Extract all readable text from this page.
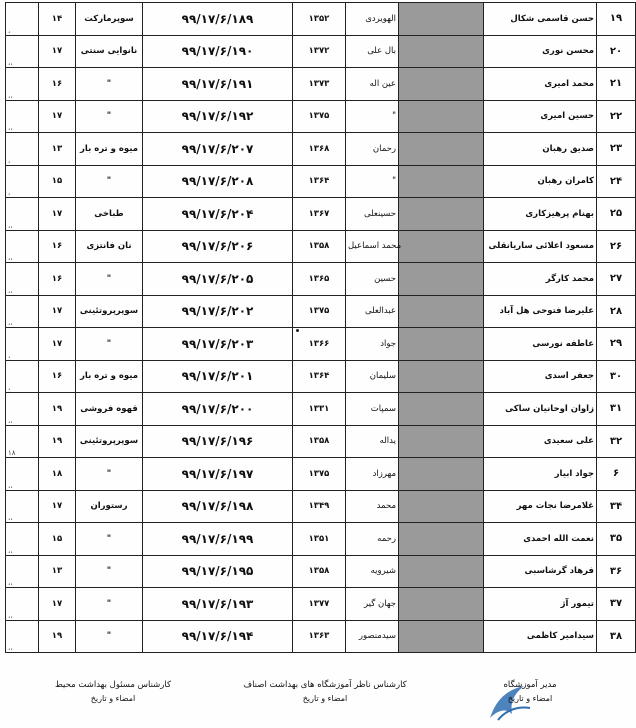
،	۱۴	سوپرمارکت	۹۹/۱۷/۶/۱۸۹	۱۳۵۲	الهویردی		حسن قاسمی شکال	۱۹
،،	۱۷	نانوایی سنتی	۹۹/۱۷/۶/۱۹۰	۱۳۷۲	بال علی		محسن نوری	۲۰
،،	۱۶	"	۹۹/۱۷/۶/۱۹۱	۱۳۷۳	عین اله		محمد امیری	۲۱
،،	۱۷	"	۹۹/۱۷/۶/۱۹۲	۱۳۷۵	"		حسین امیری	۲۲
،	۱۳	میوه و تره بار	۹۹/۱۷/۶/۲۰۷	۱۳۶۸	رحمان		صدیق رهبان	۲۳
،	۱۵	"	۹۹/۱۷/۶/۲۰۸	۱۳۶۴	"		کامران رهبان	۲۴
،،	۱۷	طباخی	۹۹/۱۷/۶/۲۰۴	۱۳۶۷	حسینعلی		بهنام پرهیزکاری	۲۵
،،	۱۶	نان فانتزی	۹۹/۱۷/۶/۲۰۶	۱۳۵۸	محمد اسماعیل		مسعود اعلائی ساریانقلی	۲۶
،،	۱۶	"	۹۹/۱۷/۶/۲۰۵	۱۳۶۵	حسین		محمد کارگر	۲۷
،،	۱۷	سوپرپروتئینی	۹۹/۱۷/۶/۲۰۲	۱۳۷۵	عبدالعلی		علیرضا فتوحی هل آباد	۲۸
،	۱۷	"	۹۹/۱۷/۶/۲۰۳	۱۳۶۶	جواد		عاطفه نورسی	۲۹
،	۱۶	میوه و تره بار	۹۹/۱۷/۶/۲۰۱	۱۳۶۴	سلیمان		جعفر اسدی	۳۰
،،	۱۹	قهوه فروشی	۹۹/۱۷/۶/۲۰۰	۱۳۳۱	سمپات		زاوان اوحانیان ساکی	۳۱
۱۸	۱۹	سوپرپروتئینی	۹۹/۱۷/۶/۱۹۶	۱۳۵۸	یداله		علی سعیدی	۳۲
،،	۱۸	"	۹۹/۱۷/۶/۱۹۷	۱۳۷۵	مهرزاد		جواد ابیار	۶
،،	۱۷	رستوران	۹۹/۱۷/۶/۱۹۸	۱۳۴۹	محمد		غلامرضا نجات مهر	۳۴
،،	۱۵	"	۹۹/۱۷/۶/۱۹۹	۱۳۵۱	رحمه		نعمت الله احمدی	۳۵
،،	۱۳	"	۹۹/۱۷/۶/۱۹۵	۱۳۵۸	شیرویه		فرهاد گرشاسبی	۳۶
،،	۱۷	"	۹۹/۱۷/۶/۱۹۳	۱۳۷۷	جهان گیر		تیمور آژ	۳۷
،،	۱۹	"	۹۹/۱۷/۶/۱۹۴	۱۳۶۳	سیدمنصور		سیدامیر کاظمی	۳۸
کارشناس مسئول بهداشت محیط
امضاء و تاریخ
کارشناس ناظر آموزشگاه های بهداشت اصناف
امضاء و تاریخ
مدیر آموزشگاه
امضاء و تاریخ
